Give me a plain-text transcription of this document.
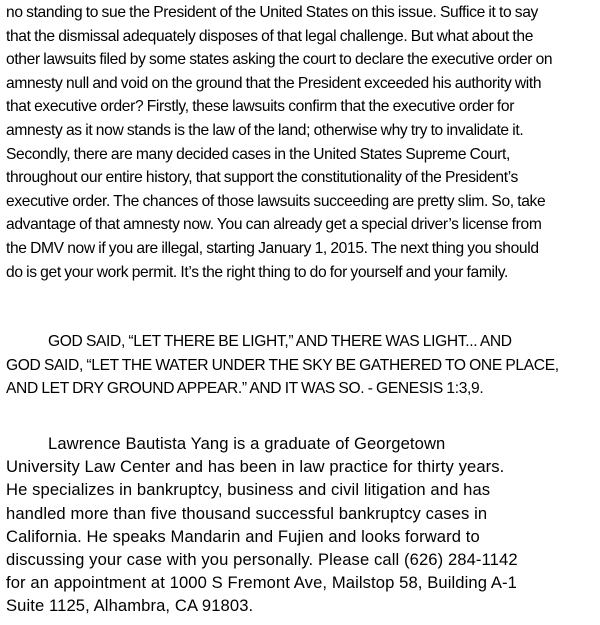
no standing to sue the President of the United States on this issue. Suffice it to say
that the dismissal adequately disposes of that legal challenge. But what about the
other lawsuits filed by some states asking the court to declare the executive order on
amnesty null and void on the ground that the President exceeded his authority with
that executive order? Firstly, these lawsuits confirm that the executive order for
amnesty as it now stands is the law of the land; otherwise why try to invalidate it.
Secondly, there are many decided cases in the United States Supreme Court,
throughout our entire history, that support the constitutionality of the President’s
executive order. The chances of those lawsuits succeeding are pretty slim. So, take
advantage of that amnesty now. You can already get a special driver’s license from
the DMV now if you are illegal, starting January 1, 2015. The next thing you should
do is get your work permit. It’s the right thing to do for yourself and your family.
GOD SAID, “LET THERE BE LIGHT,” AND THERE WAS LIGHT... AND
GOD SAID, “LET THE WATER UNDER THE SKY BE GATHERED TO ONE PLACE,
AND LET DRY GROUND APPEAR.” AND IT WAS SO. - GENESIS 1:3,9.
Lawrence Bautista Yang is a graduate of Georgetown
University Law Center and has been in law practice for thirty years.
He specializes in bankruptcy, business and civil litigation and has
handled more than five thousand successful bankruptcy cases in
California. He speaks Mandarin and Fujien and looks forward to
discussing your case with you personally. Please call (626) 284-1142
for an appointment at 1000 S Fremont Ave, Mailstop 58, Building A-1
Suite 1125, Alhambra, CA 91803.
